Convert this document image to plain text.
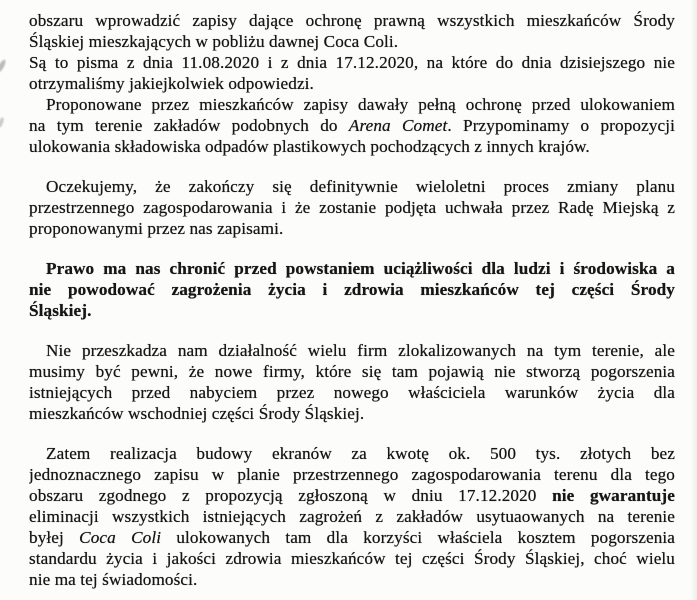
obszaru wprowadzić zapisy dające ochronę prawną wszystkich mieszkańców Środy
Śląskiej mieszkających w pobliżu dawnej Coca Coli.
Są to pisma z dnia 11.08.2020 i z dnia 17.12.2020, na które do dnia dzisiejszego nie
otrzymaliśmy jakiejkolwiek odpowiedzi.
Proponowane przez mieszkańców zapisy dawały pełną ochronę przed ulokowaniem
na tym terenie zakładów podobnych do Arena Comet. Przypominamy o propozycji
ulokowania składowiska odpadów plastikowych pochodzących z innych krajów.
Oczekujemy, że zakończy się definitywnie wieloletni proces zmiany planu
przestrzennego zagospodarowania i że zostanie podjęta uchwała przez Radę Miejską z
proponowanymi przez nas zapisami.
Prawo ma nas chronić przed powstaniem uciążliwości dla ludzi i środowiska a
nie powodować zagrożenia życia i zdrowia mieszkańców tej części Środy
Śląskiej.
Nie przeszkadza nam działalność wielu firm zlokalizowanych na tym terenie, ale
musimy być pewni, że nowe firmy, które się tam pojawią nie stworzą pogorszenia
istniejących przed nabyciem przez nowego właściciela warunków życia dla
mieszkańców wschodniej części Środy Śląskiej.
Zatem realizacja budowy ekranów za kwotę ok. 500 tys. złotych bez
jednoznacznego zapisu w planie przestrzennego zagospodarowania terenu dla tego
obszaru zgodnego z propozycją zgłoszoną w dniu 17.12.2020 nie gwarantuje
eliminacji wszystkich istniejących zagrożeń z zakładów usytuaowanych na terenie
byłej Coca Coli ulokowanych tam dla korzyści właściela kosztem pogorszenia
standardu życia i jakości zdrowia mieszkańców tej części Środy Śląskiej, choć wielu
nie ma tej świadomości.
